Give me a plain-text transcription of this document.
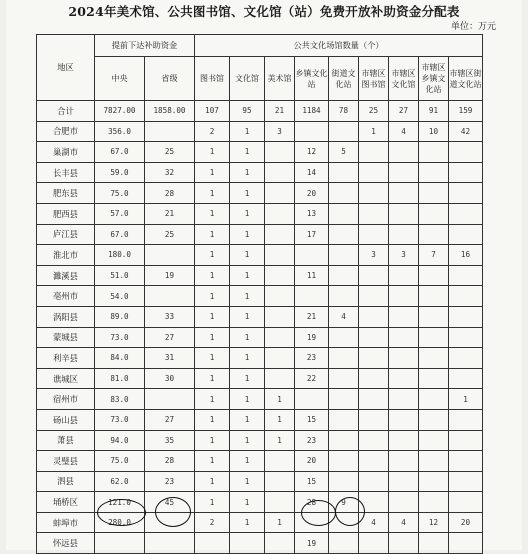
2024年美术馆、公共图书馆、文化馆（站）免费开放补助资金分配表
单位：万元
地区	提前下达补助资金		公共文化场馆数量（个）								
	中央	省级	图书馆	文化馆	美术馆	乡镇文化站	街道文化站	市辖区图书馆	市辖区文化馆	市辖区乡镇文化站	市辖区街道文化站
合计	7827.00	1858.00	107	95	21	1184	78	25	27	91	159
合肥市	356.0		2	1	3			1	4	10	42
巢湖市	67.0	25	1	1		12	5				
长丰县	59.0	32	1	1		14					
肥东县	75.0	28	1	1		20					
肥西县	57.0	21	1	1		13					
庐江县	67.0	25	1	1		17					
淮北市	180.0		1	1				3	3	7	16
濉溪县	51.0	19	1	1		11					
亳州市	54.0		1	1							
涡阳县	89.0	33	1	1		21	4				
蒙城县	73.0	27	1	1		19					
利辛县	84.0	31	1	1		23					
谯城区	81.0	30	1	1		22					
宿州市	83.0		1	1	1						1
砀山县	73.0	27	1	1	1	15					
萧县	94.0	35	1	1	1	23					
灵璧县	75.0	28	1	1		20					
泗县	62.0	23	1	1		15					
埇桥区	121.0	45	1	1		28	9				
蚌埠市	280.0		2	1	1			4	4	12	20
怀远县						19					
